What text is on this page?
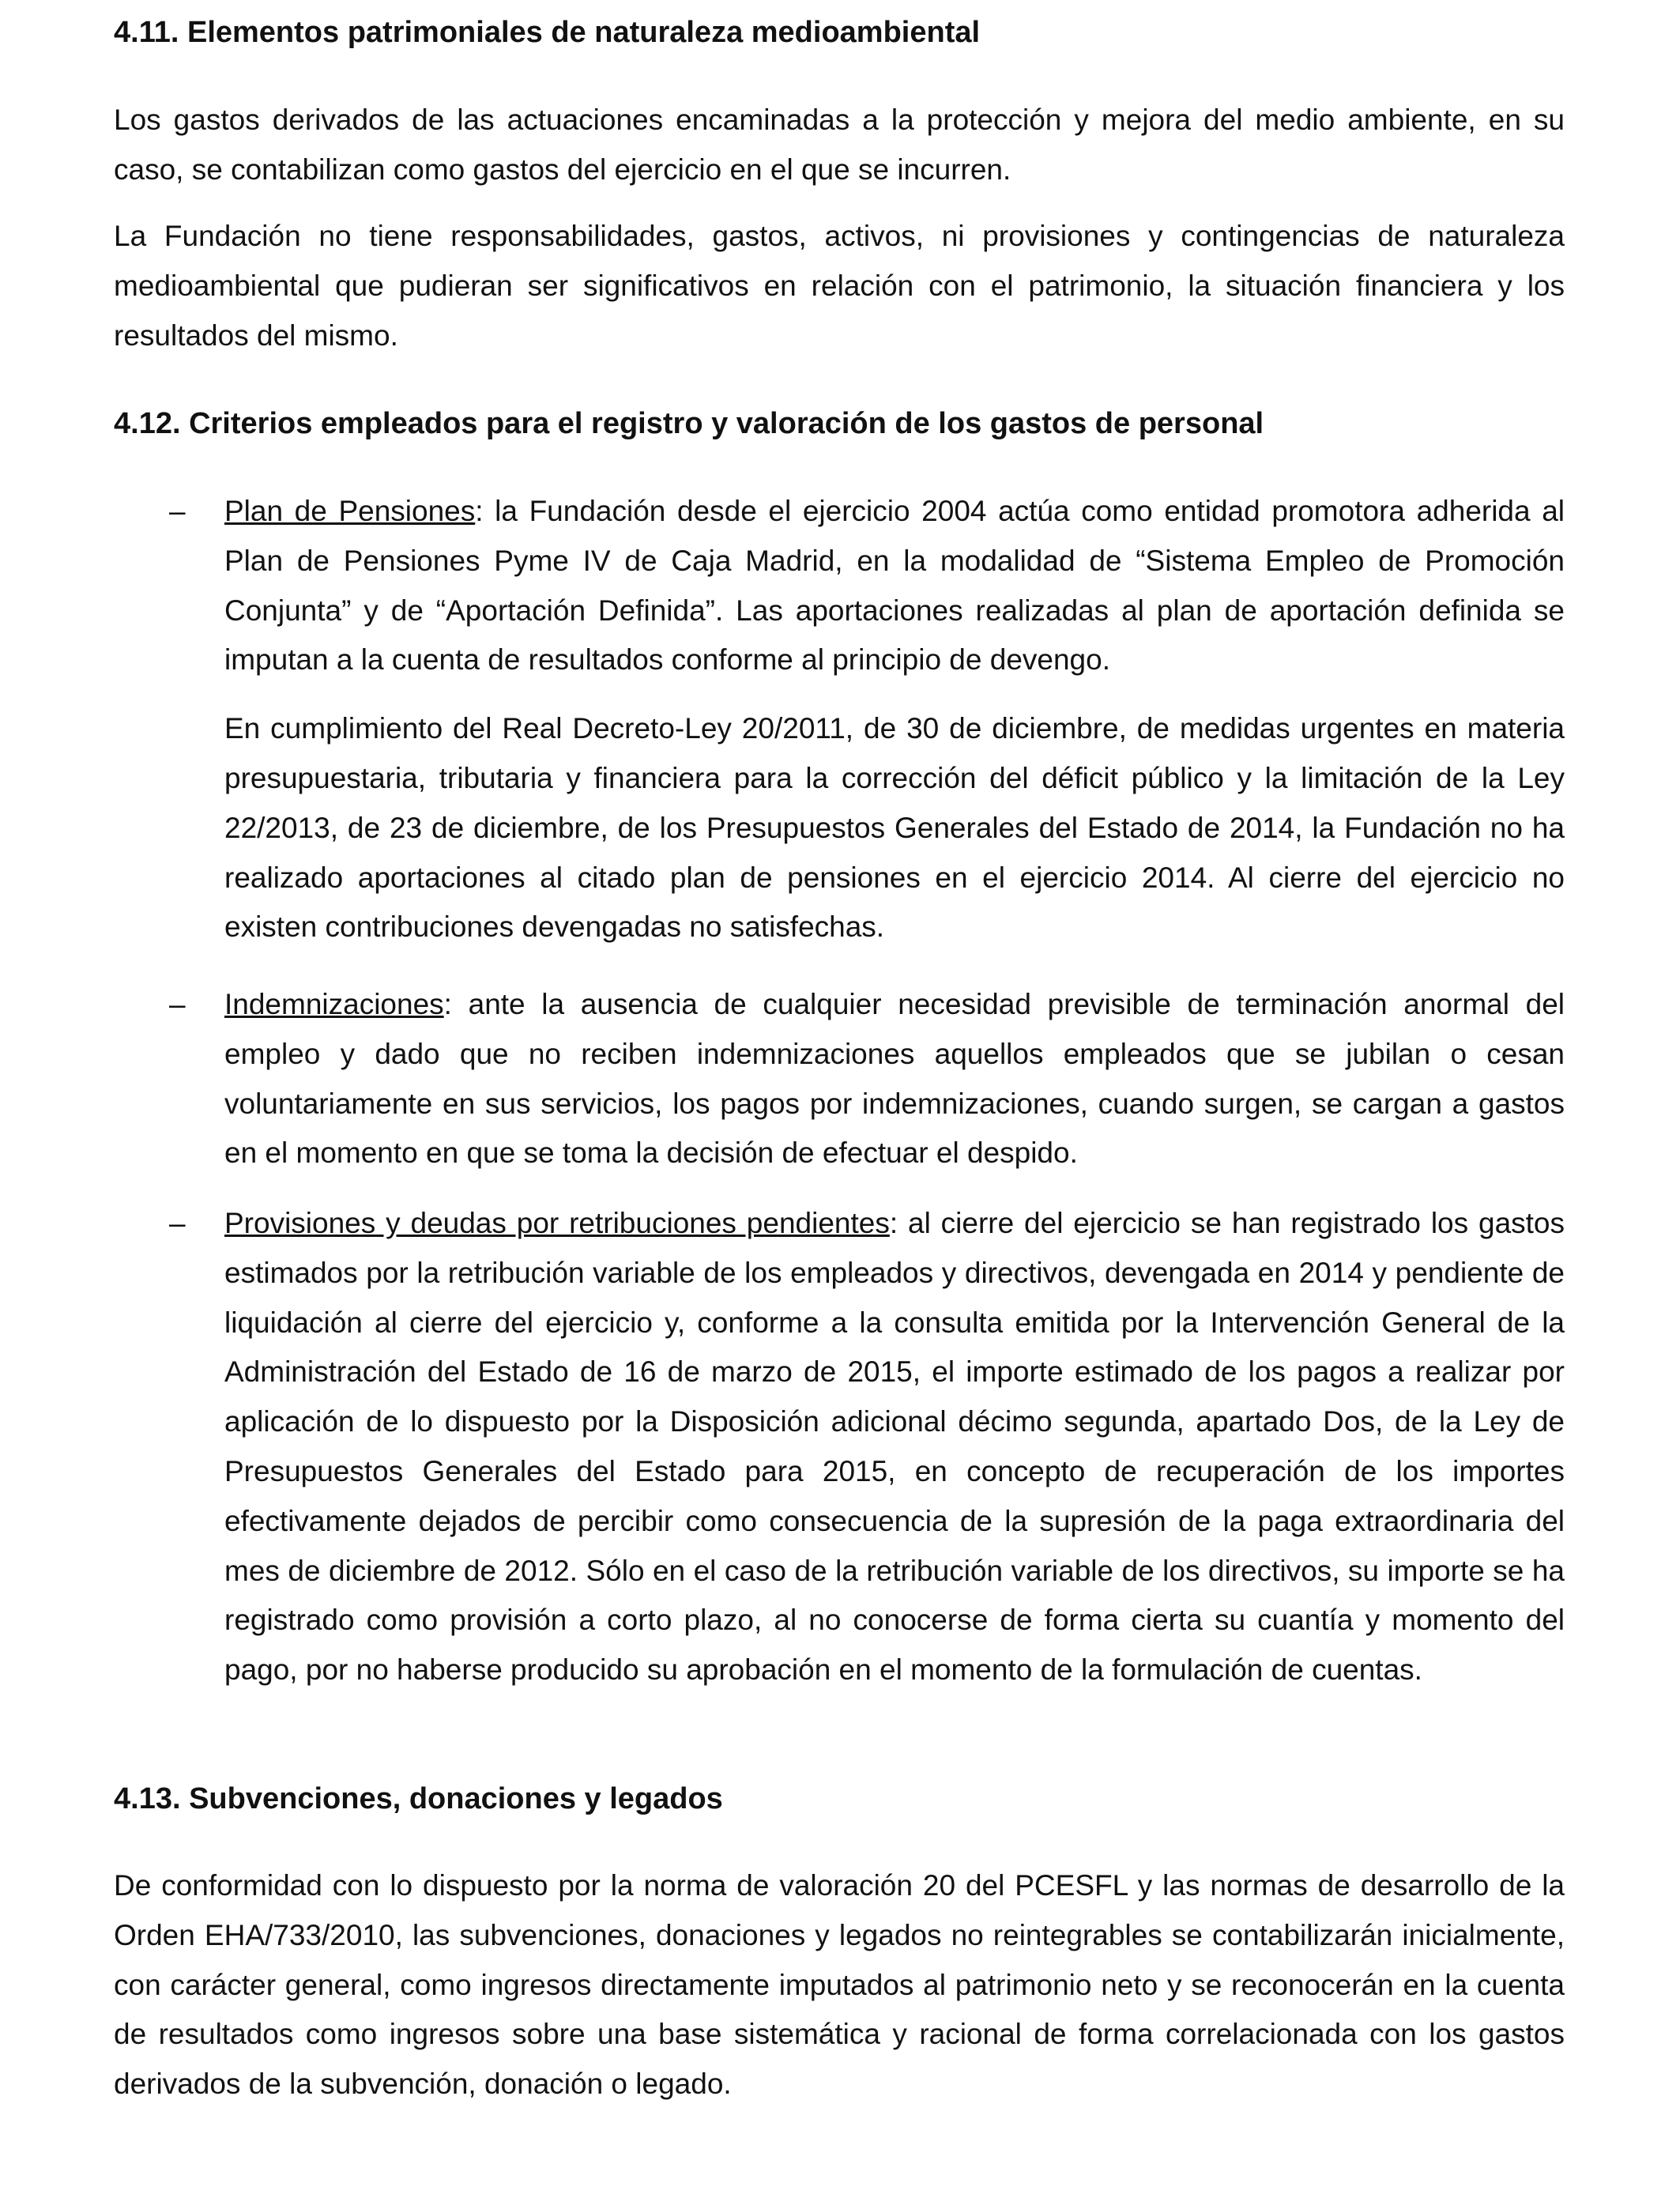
4.11. Elementos patrimoniales de naturaleza medioambiental

Los gastos derivados de las actuaciones encaminadas a la protección y mejora del medio ambiente, en su caso, se contabilizan como gastos del ejercicio en el que se incurren.

La Fundación no tiene responsabilidades, gastos, activos, ni provisiones y contingencias de naturaleza medioambiental que pudieran ser significativos en relación con el patrimonio, la situación financiera y los resultados del mismo.

4.12. Criterios empleados para el registro y valoración de los gastos de personal
– Plan de Pensiones: la Fundación desde el ejercicio 2004 actúa como entidad promotora adherida al Plan de Pensiones Pyme IV de Caja Madrid, en la modalidad de “Sistema Empleo de Promoción Conjunta” y de “Aportación Definida”. Las aportaciones realizadas al plan de aportación definida se imputan a la cuenta de resultados conforme al principio de devengo.

En cumplimiento del Real Decreto-Ley 20/2011, de 30 de diciembre, de medidas urgentes en materia presupuestaria, tributaria y financiera para la corrección del déficit público y la limitación de la Ley 22/2013, de 23 de diciembre, de los Presupuestos Generales del Estado de 2014, la Fundación no ha realizado aportaciones al citado plan de pensiones en el ejercicio 2014. Al cierre del ejercicio no existen contribuciones devengadas no satisfechas.

– Indemnizaciones: ante la ausencia de cualquier necesidad previsible de terminación anormal del empleo y dado que no reciben indemnizaciones aquellos empleados que se jubilan o cesan voluntariamente en sus servicios, los pagos por indemnizaciones, cuando surgen, se cargan a gastos en el momento en que se toma la decisión de efectuar el despido.

– Provisiones y deudas por retribuciones pendientes: al cierre del ejercicio se han registrado los gastos estimados por la retribución variable de los empleados y directivos, devengada en 2014 y pendiente de liquidación al cierre del ejercicio y, conforme a la consulta emitida por la Intervención General de la Administración del Estado de 16 de marzo de 2015, el importe estimado de los pagos a realizar por aplicación de lo dispuesto por la Disposición adicional décimo segunda, apartado Dos, de la Ley de Presupuestos Generales del Estado para 2015, en concepto de recuperación de los importes efectivamente dejados de percibir como consecuencia de la supresión de la paga extraordinaria del mes de diciembre de 2012. Sólo en el caso de la retribución variable de los directivos, su importe se ha registrado como provisión a corto plazo, al no conocerse de forma cierta su cuantía y momento del pago, por no haberse producido su aprobación en el momento de la formulación de cuentas.

4.13. Subvenciones, donaciones y legados

De conformidad con lo dispuesto por la norma de valoración 20 del PCESFL y las normas de desarrollo de la Orden EHA/733/2010, las subvenciones, donaciones y legados no reintegrables se contabilizarán inicialmente, con carácter general, como ingresos directamente imputados al patrimonio neto y se reconocerán en la cuenta de resultados como ingresos sobre una base sistemática y racional de forma correlacionada con los gastos derivados de la subvención, donación o legado.
